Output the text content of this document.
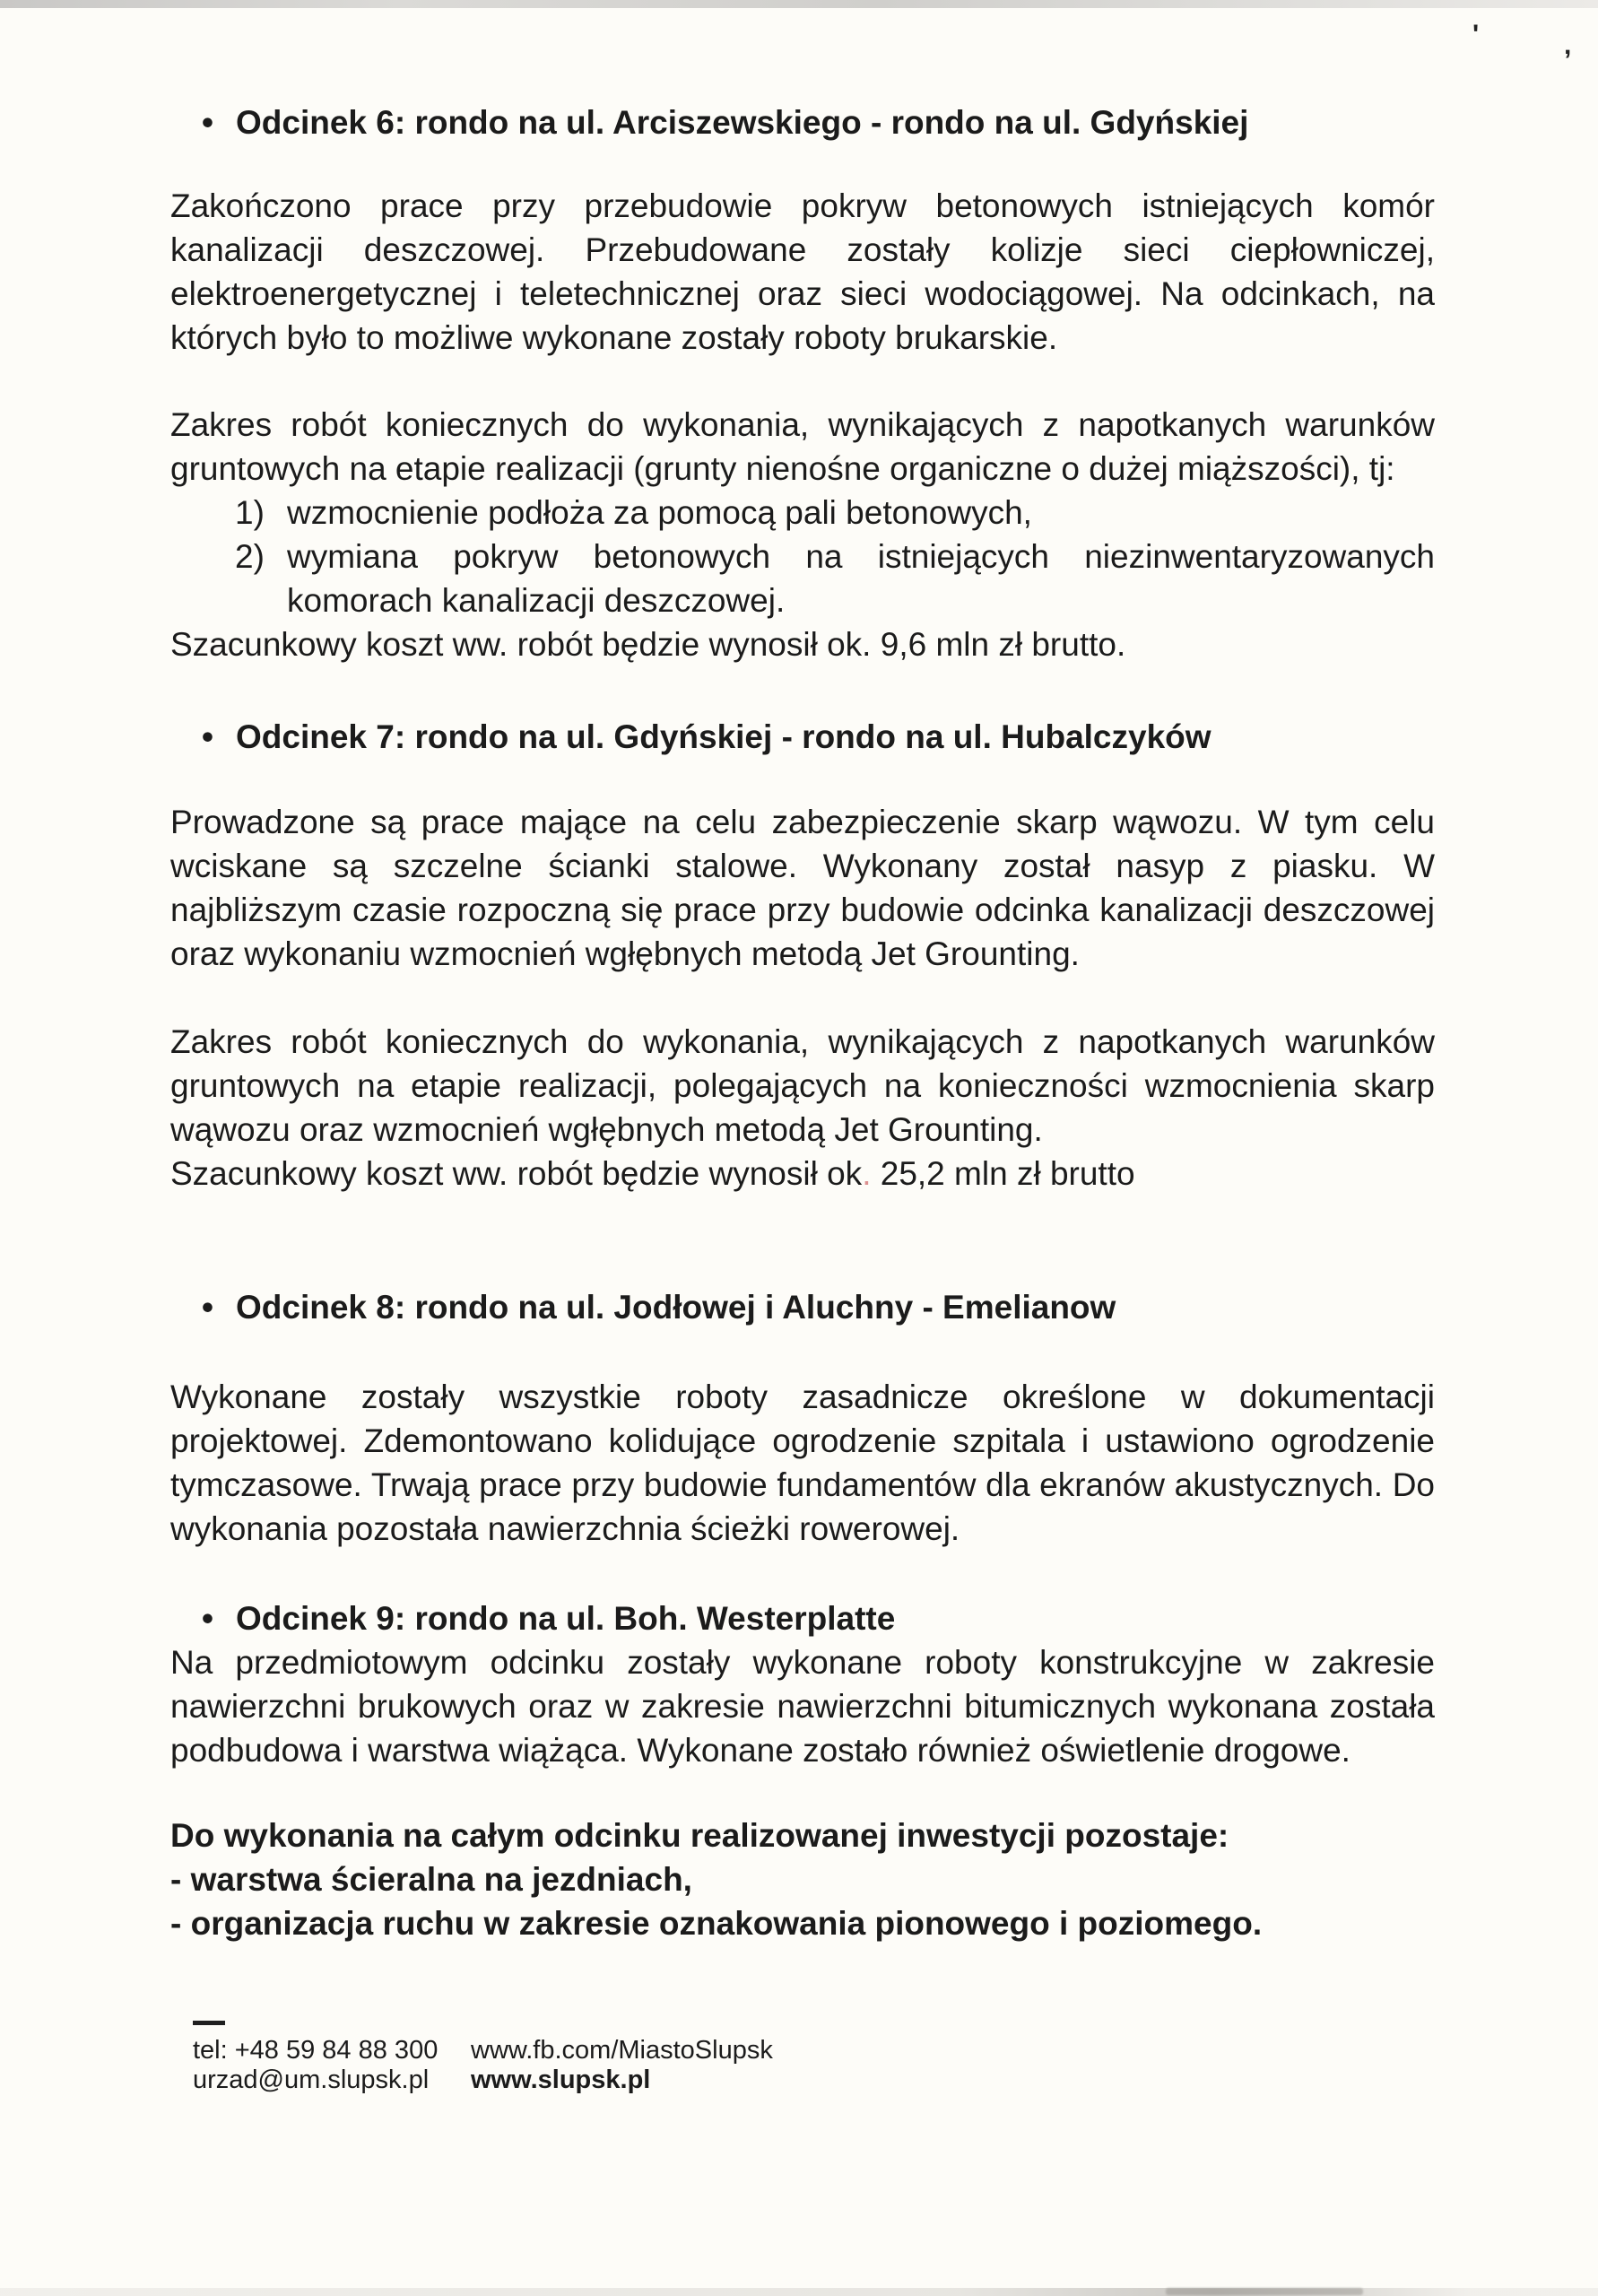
'	,
• Odcinek 6: rondo na ul. Arciszewskiego - rondo na ul. Gdyńskiej

Zakończono prace przy przebudowie pokryw betonowych istniejących komór kanalizacji deszczowej. Przebudowane zostały kolizje sieci ciepłowniczej, elektroenergetycznej i teletechnicznej oraz sieci wodociągowej. Na odcinkach, na których było to możliwe wykonane zostały roboty brukarskie.

Zakres robót koniecznych do wykonania, wynikających z napotkanych warunków gruntowych na etapie realizacji (grunty nienośne organiczne o dużej miąższości), tj:

1) wzmocnienie podłoża za pomocą pali betonowych,
2) wymiana pokryw betonowych na istniejących niezinwentaryzowanych komorach kanalizacji deszczowej.

Szacunkowy koszt ww. robót będzie wynosił ok. 9,6 mln zł brutto.

• Odcinek 7: rondo na ul. Gdyńskiej - rondo na ul. Hubalczyków

Prowadzone są prace mające na celu zabezpieczenie skarp wąwozu. W tym celu wciskane są szczelne ścianki stalowe. Wykonany został nasyp z piasku. W najbliższym czasie rozpoczną się prace przy budowie odcinka kanalizacji deszczowej oraz wykonaniu wzmocnień wgłębnych metodą Jet Grounting.

Zakres robót koniecznych do wykonania, wynikających z napotkanych warunków gruntowych na etapie realizacji, polegających na konieczności wzmocnienia skarp wąwozu oraz wzmocnień wgłębnych metodą Jet Grounting.

Szacunkowy koszt ww. robót będzie wynosił ok. 25,2 mln zł brutto

• Odcinek 8: rondo na ul. Jodłowej i Aluchny - Emelianow

Wykonane zostały wszystkie roboty zasadnicze określone w dokumentacji projektowej. Zdemontowano kolidujące ogrodzenie szpitala i ustawiono ogrodzenie tymczasowe. Trwają prace przy budowie fundamentów dla ekranów akustycznych. Do wykonania pozostała nawierzchnia ścieżki rowerowej.

• Odcinek 9: rondo na ul. Boh. Westerplatte

Na przedmiotowym odcinku zostały wykonane roboty konstrukcyjne w zakresie nawierzchni brukowych oraz w zakresie nawierzchni bitumicznych wykonana została podbudowa i warstwa wiążąca. Wykonane zostało również oświetlenie drogowe.

Do wykonania na całym odcinku realizowanej inwestycji pozostaje:
- warstwa ścieralna na jezdniach,
- organizacja ruchu w zakresie oznakowania pionowego i poziomego.
tel: +48 59 84 88 300	www.fb.com/MiastoSlupsk
urzad@um.slupsk.pl	www.slupsk.pl
